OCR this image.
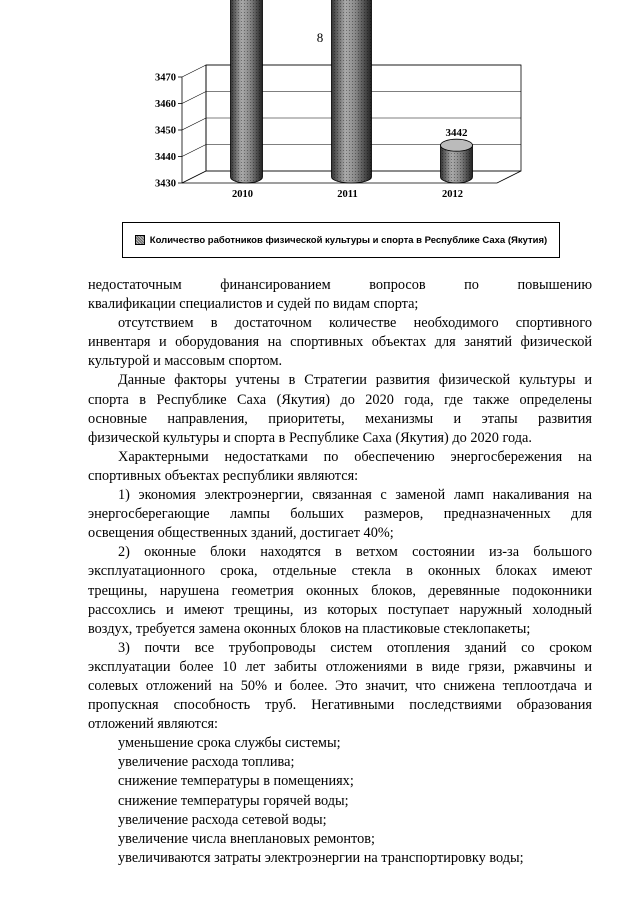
8
3430
3440
3450
3460
3470
2010	2011
3442
2012
Количество работников физической культуры и спорта в Республике Саха (Якутия)

недостаточным финансированием вопросов по повышению

квалификации специалистов и судей по видам спорта;

отсутствием в достаточном количестве необходимого спортивного

инвентаря и оборудования на спортивных объектах для занятий физической

культурой и массовым спортом.

Данные факторы учтены в Стратегии развития физической культуры и

спорта в Республике Саха (Якутия) до 2020 года, где также определены

основные направления, приоритеты, механизмы и этапы развития

физической культуры и спорта в Республике Саха (Якутия) до 2020 года.

Характерными недостатками по обеспечению энергосбережения на

спортивных объектах республики являются:

1) экономия электроэнергии, связанная с заменой ламп накаливания на

энергосберегающие лампы больших размеров, предназначенных для

освещения общественных зданий, достигает 40%;

2) оконные блоки находятся в ветхом состоянии из-за большого

эксплуатационного срока, отдельные стекла в оконных блоках имеют

трещины, нарушена геометрия оконных блоков, деревянные подоконники

рассохлись и имеют трещины, из которых поступает наружный холодный

воздух, требуется замена оконных блоков на пластиковые стеклопакеты;

3) почти все трубопроводы систем отопления зданий со сроком

эксплуатации более 10 лет забиты отложениями в виде грязи, ржавчины и

солевых отложений на 50% и более. Это значит, что снижена теплоотдача и

пропускная способность труб. Негативными последствиями образования

отложений являются:

уменьшение срока службы системы;

увеличение расхода топлива;

снижение температуры в помещениях;

снижение температуры горячей воды;

увеличение расхода сетевой воды;

увеличение числа внеплановых ремонтов;

увеличиваются затраты электроэнергии на транспортировку воды;
